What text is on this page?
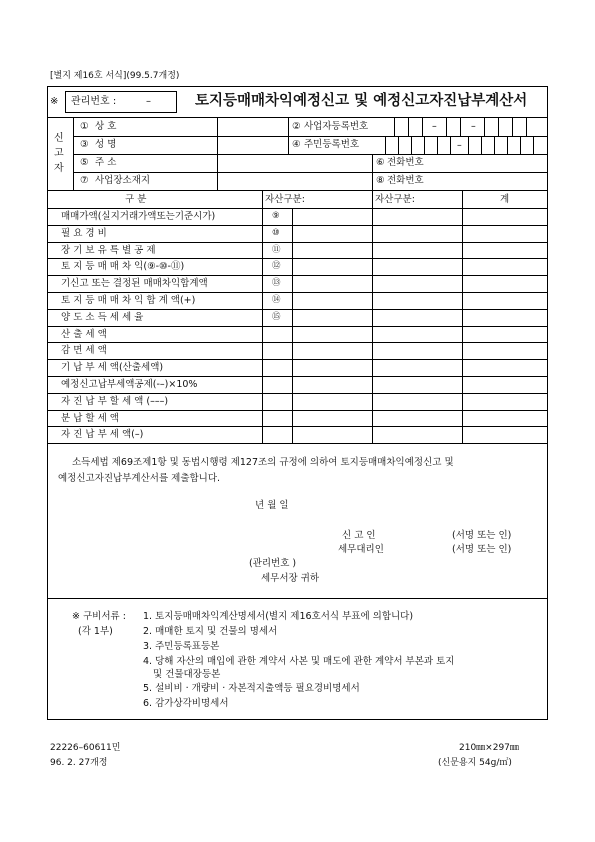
[별지 제16호 서식](99.5.7개정)
※ 관리번호 :	–	토지등매매차익예정신고 및 예정신고자진납부계산서
신
고
자
–	–
–
① 상 호	② 사업자등록번호
③ 성 명	④ 주민등록번호
⑤ 주 소	⑥ 전화번호
⑦ 사업장소재지	⑧ 전화번호
구 분	자산구분:	자산구분:	계
매매가액(실지거래가액또는기준시가)	⑨
필 요 경 비	⑩
장 기 보 유 특 별 공 제	⑪
토 지 등 매 매 차 익(⑨-⑩-⑪)	⑫
기신고 또는 결정된 매매차익합계액	⑬
토 지 등 매 매 차 익 합 계 액(+)	⑭
양 도 소 득 세 세 율	⑮
산 출 세 액
감 면 세 액
기 납 부 세 액(산출세액)
예정신고납부세액공제(-–)×10%
자 진 납 부 할 세 액 (–––)
분 납 할 세 액
자 진 납 부 세 액(–)
소득세법 제69조제1항 및 동법시행령 제127조의 규정에 의하여 토지등매매차익예정신고 및
예정신고자진납부계산서를 제출합니다.
년 월 일
신 고 인	(서명 또는 인)
세무대리인	(서명 또는 인)
(관리번호 )
세무서장 귀하
※ 구비서류 :
(각 1부)
1. 토지등매매차익계산명세서(별지 제16호서식 부표에 의합니다)
2. 매매한 토지 및 건물의 명세서
3. 주민등록표등본
4. 당해 자산의 매입에 관한 계약서 사본 및 매도에 관한 계약서 부본과 토지
및 건물대장등본
5. 설비비 · 개량비 · 자본적지출액등 필요경비명세서
6. 감가상각비명세서
22226–60611민
96. 2. 27개정
210㎜×297㎜
(신문용지 54g/㎡)
